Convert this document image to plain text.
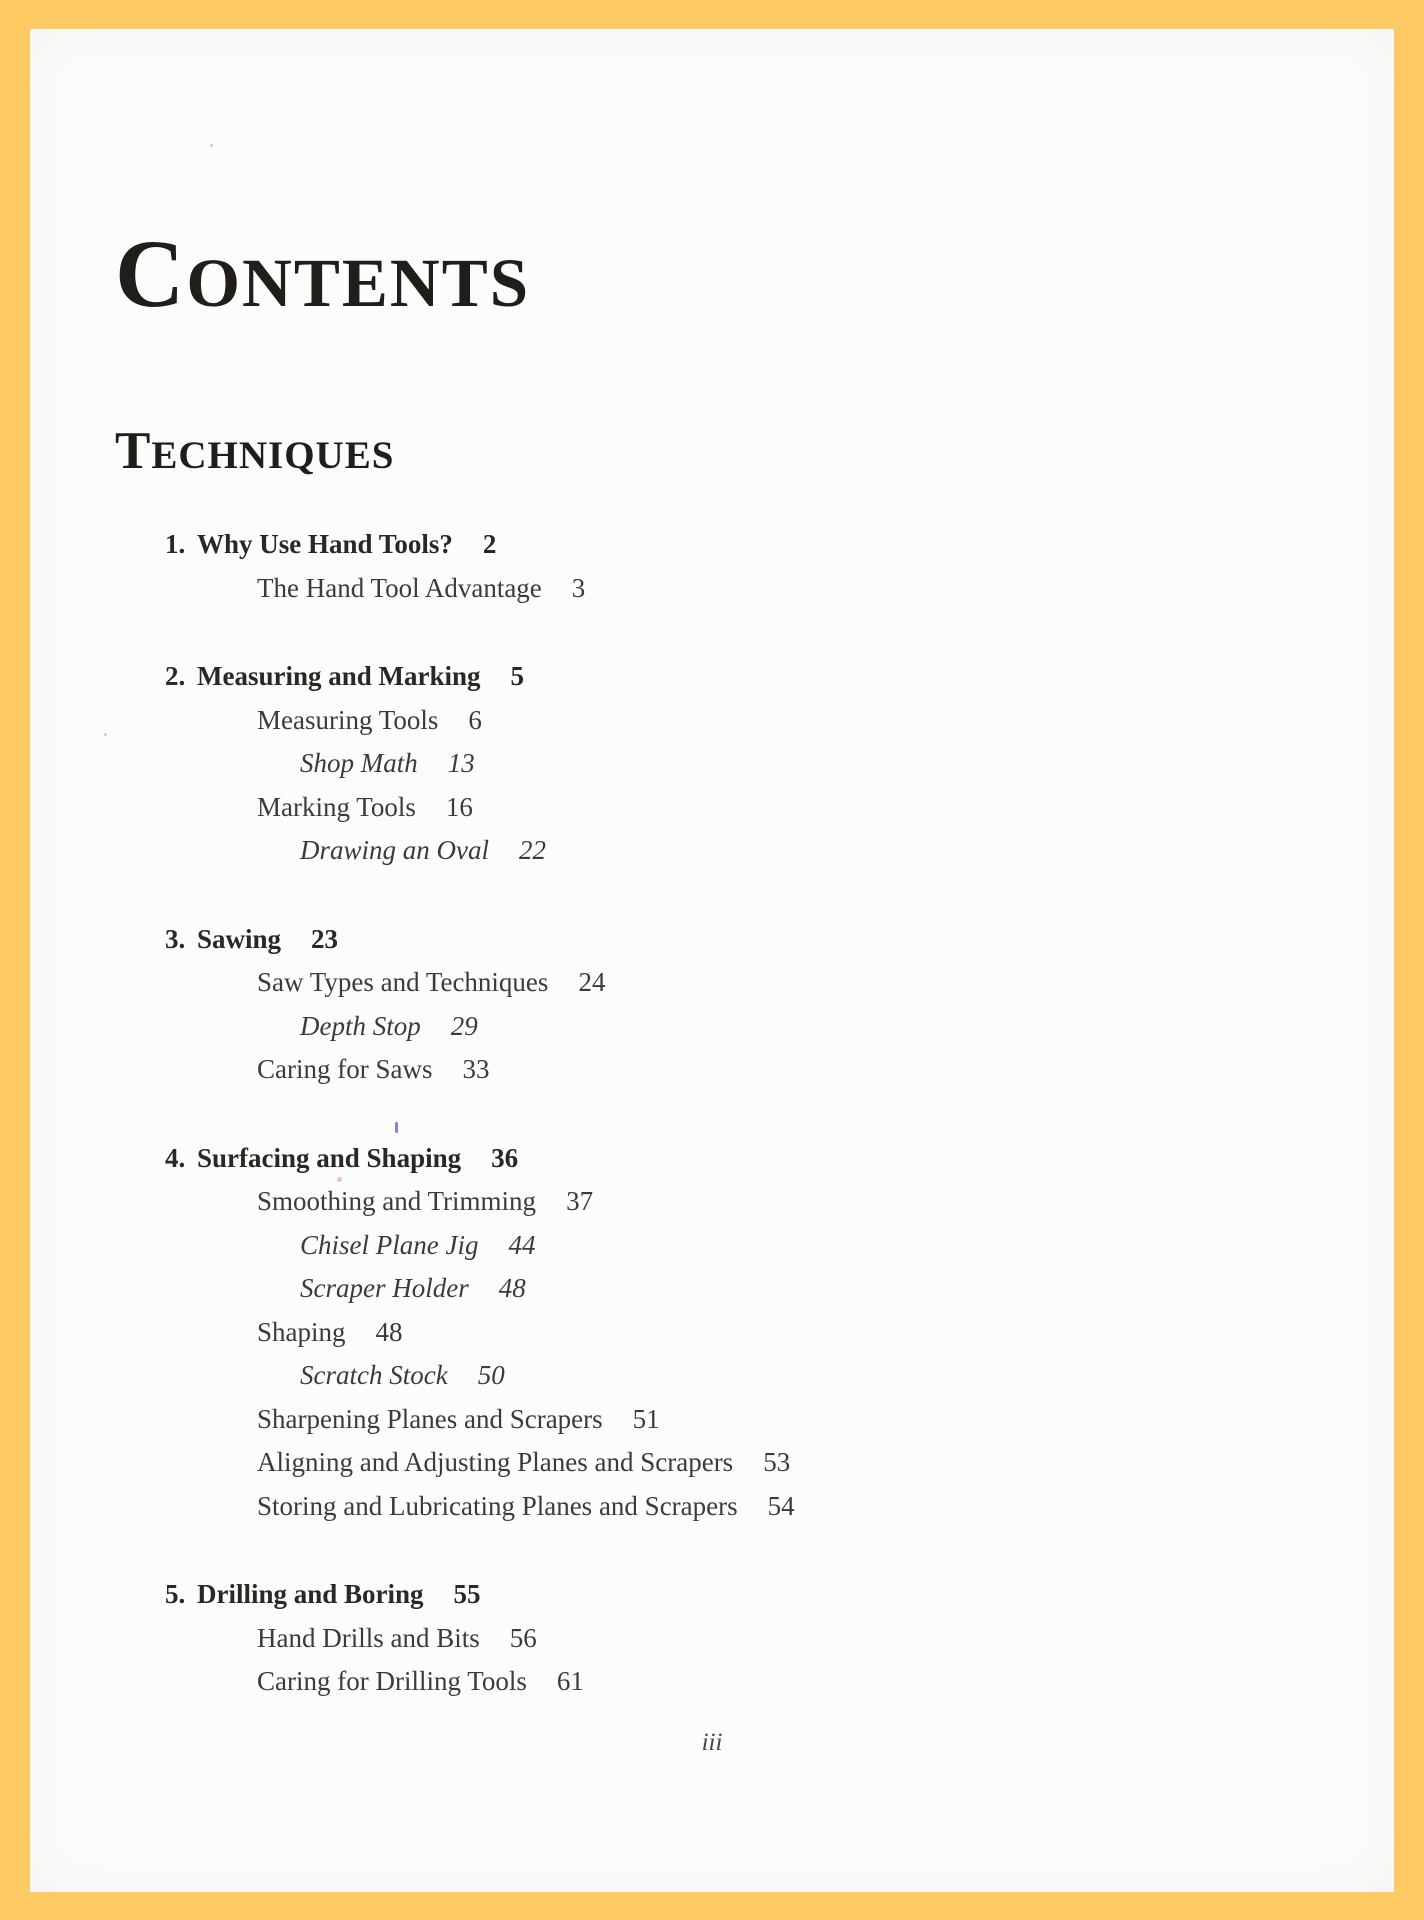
CONTENTS
TECHNIQUES
1. Why Use Hand Tools? 2
The Hand Tool Advantage 3
2. Measuring and Marking 5
Measuring Tools 6
Shop Math 13
Marking Tools 16
Drawing an Oval 22
3. Sawing 23
Saw Types and Techniques 24
Depth Stop 29
Caring for Saws 33
4. Surfacing and Shaping 36
Smoothing and Trimming 37
Chisel Plane Jig 44
Scraper Holder 48
Shaping 48
Scratch Stock 50
Sharpening Planes and Scrapers 51
Aligning and Adjusting Planes and Scrapers 53
Storing and Lubricating Planes and Scrapers 54
5. Drilling and Boring 55
Hand Drills and Bits 56
Caring for Drilling Tools 61
iii
